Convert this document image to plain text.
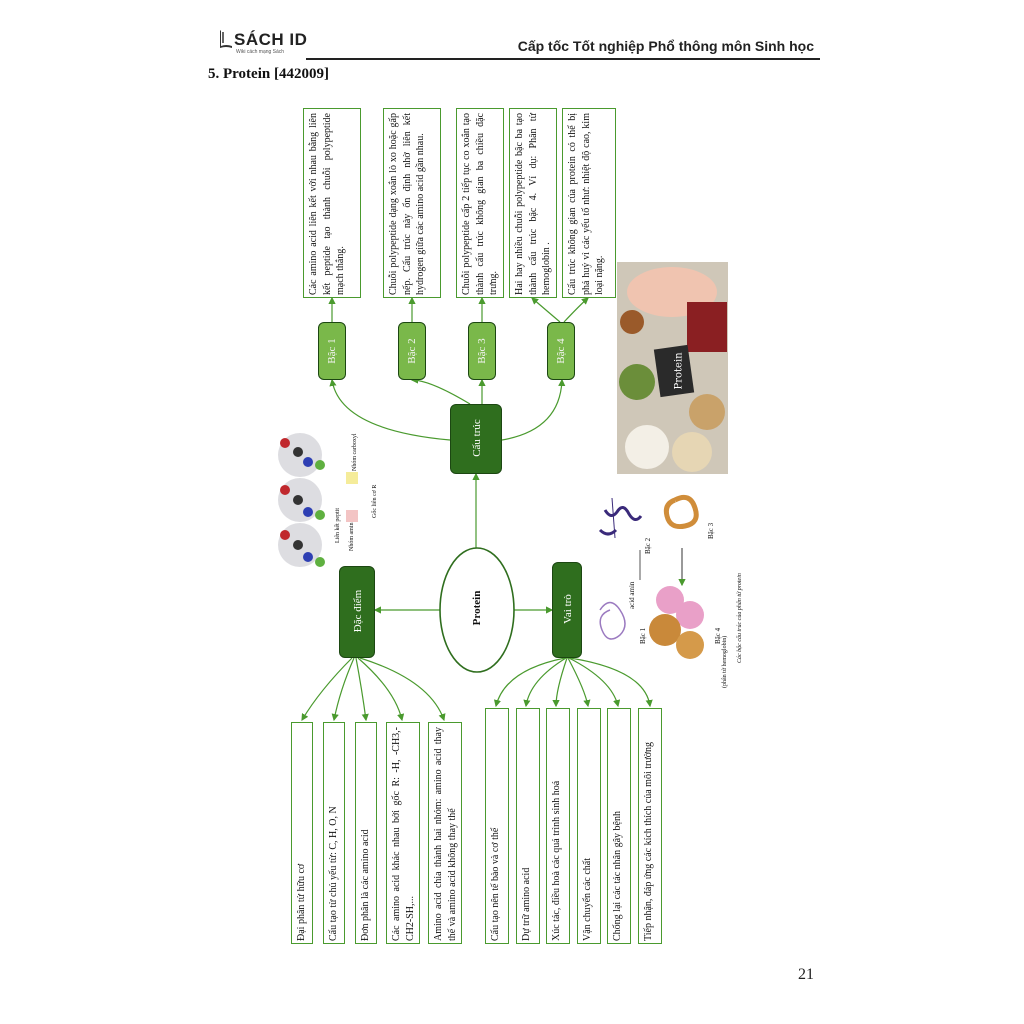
SÁCH ID
Wiki cách mạng Sách	Cấp tốc Tốt nghiệp Phổ thông môn Sinh học
5. Protein [442009]
Protein
Cấu trúc
Đặc điểm	Vai trò
Bậc 1	Bậc 2	Bậc 3	Bậc 4
Các amino acid liên kết với nhau bằng liên kết peptide tạo thành chuỗi polypeptide mạch thẳng.	Chuỗi polypeptide dạng xoắn lò xo hoặc gấp nếp. Cấu trúc này ổn định nhờ liên kết hydrogen giữa các amino acid gần nhau.	Chuỗi polypeptide cấp 2 tiếp tục co xoắn tạo thành cấu trúc không gian ba chiều đặc trưng.	Hai hay nhiều chuỗi polypeptide bậc ba tạo thành cấu trúc bậc 4. Ví dụ: Phân tử hemoglobin .	Cấu trúc không gian của protein có thể bị phá huỷ vì các yếu tố như: nhiệt độ cao, kim loại nặng.
Đại phân tử hữu cơ	Cấu tạo từ chủ yếu từ: C, H, O, N	Đơn phân là các amino acid	Các amino acid khác nhau bởi gốc R: -H, -CH3,-CH2-SH,...	Amino acid chia thành hai nhóm: amino acid thay thế và amino acid không thay thế	Cấu tạo nên tế bào và cơ thể	Dự trữ amino acid	Xúc tác, điều hoà các quá trình sinh hoá	Vận chuyển các chất	Chống lại các tác nhân gây bệnh	Tiếp nhận, đáp ứng các kích thích của môi trường
Liên kết peptit Nhóm amin
Nhóm carboxyl
Gốc liên cơ R
acid amin
Bậc 1
Bậc 2
Bậc 3
Bậc 4 (phân tử hemoglobin) Các bậc cấu trúc của phân tử protein
Protein
21
